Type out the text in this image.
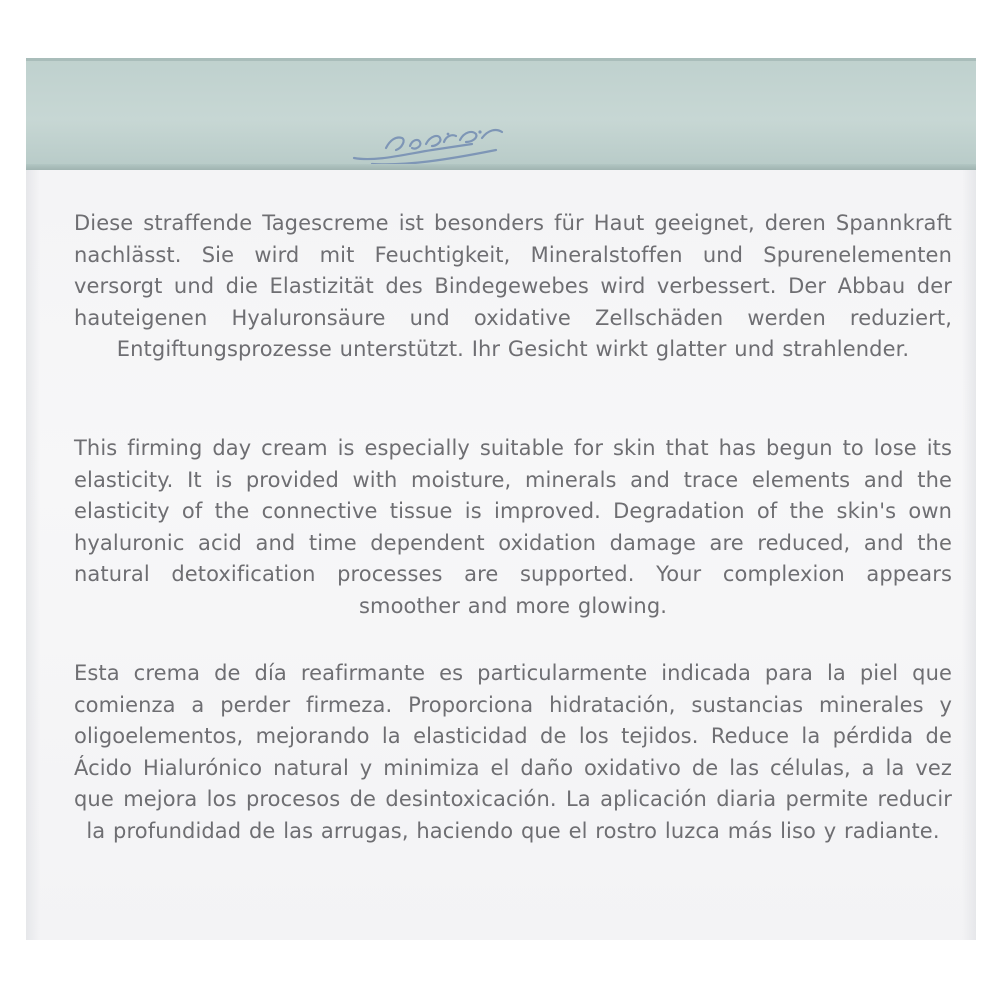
Diese straffende Tagescreme ist besonders für Haut geeignet, deren Spannkraft nachlässt. Sie wird mit Feuchtigkeit, Mineralstoffen und Spurenelementen versorgt und die Elastizität des Bindegewebes wird verbessert. Der Abbau der hauteigenen Hyaluronsäure und oxidative Zellschäden werden reduziert, Entgiftungsprozesse unterstützt. Ihr Gesicht wirkt glatter und strahlender.
This firming day cream is especially suitable for skin that has begun to lose its elasticity. It is provided with moisture, minerals and trace elements and the elasticity of the connective tissue is improved. Degradation of the skin's own hyaluronic acid and time dependent oxidation damage are reduced, and the natural detoxification processes are supported. Your complexion appears smoother and more glowing.
Esta crema de día reafirmante es particularmente indicada para la piel que comienza a perder firmeza. Proporciona hidratación, sustancias minerales y oligoelementos, mejorando la elasticidad de los tejidos. Reduce la pérdida de Ácido Hialurónico natural y minimiza el daño oxidativo de las células, a la vez que mejora los procesos de desintoxicación. La aplicación diaria permite reducir la profundidad de las arrugas, haciendo que el rostro luzca más liso y radiante.
